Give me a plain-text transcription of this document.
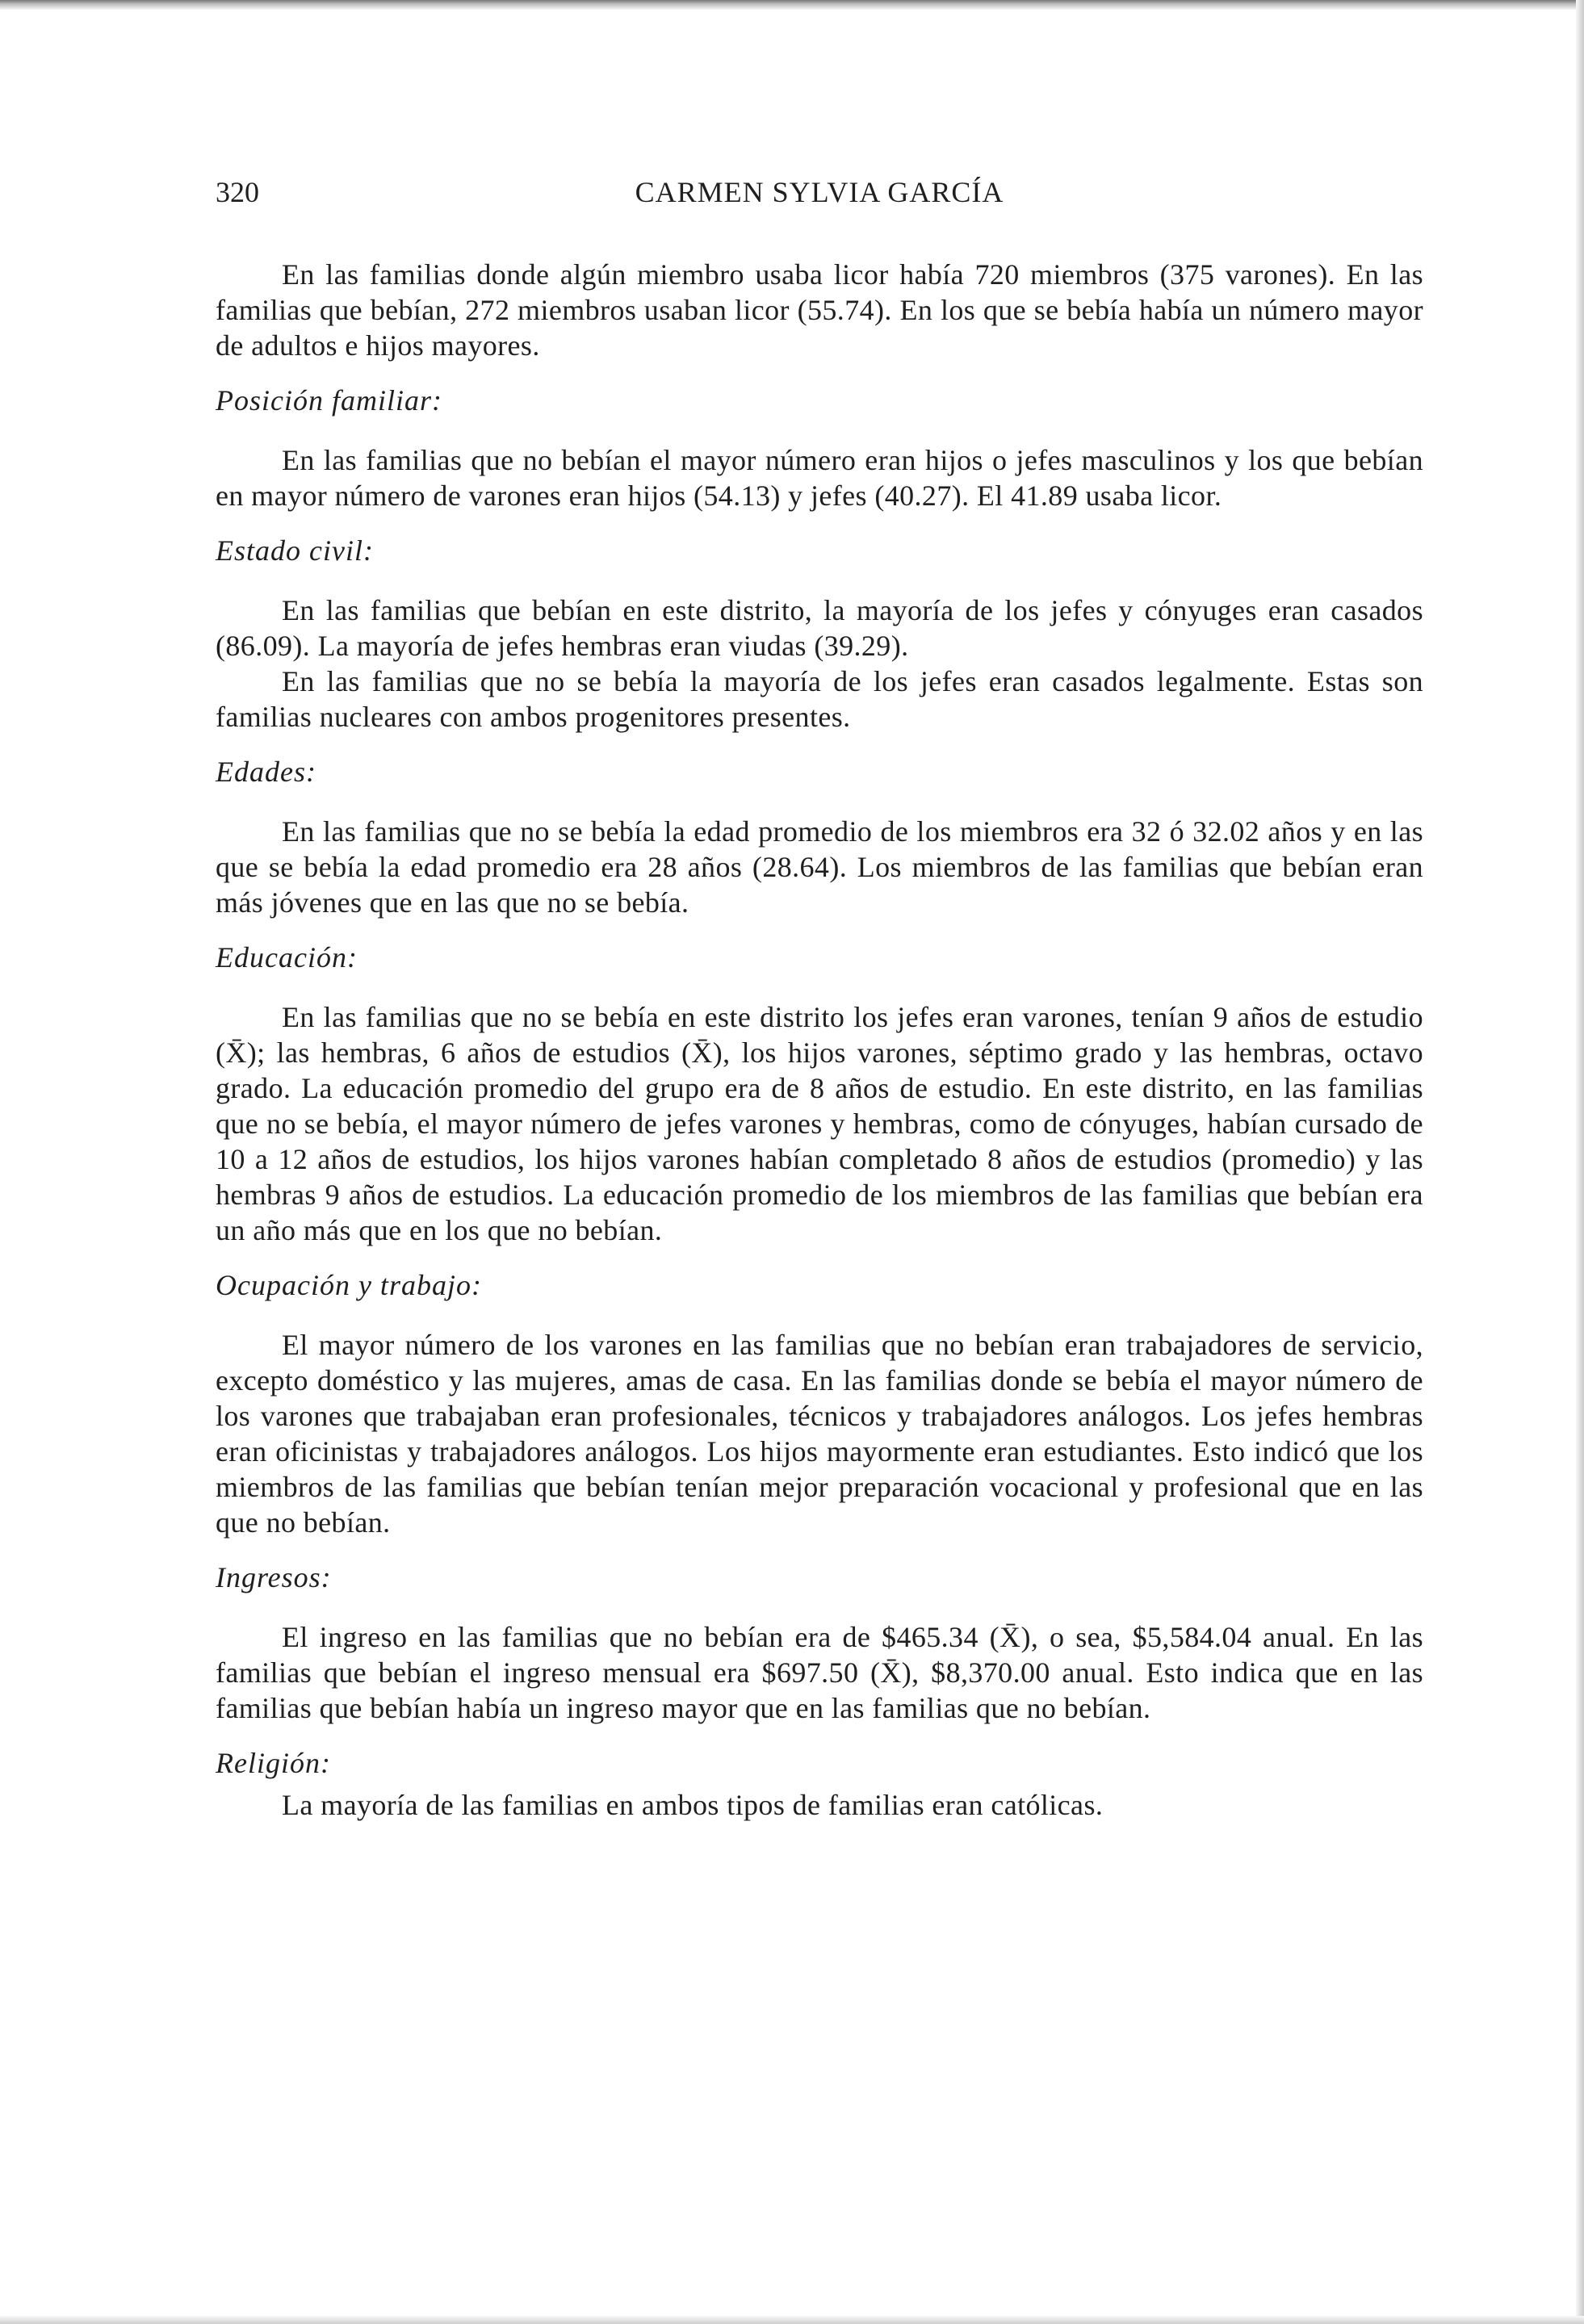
320	CARMEN SYLVIA GARCÍA

En las familias donde algún miembro usaba licor había 720 miembros (375 varones). En las familias que bebían, 272 miembros usaban licor (55.74). En los que se bebía había un número mayor de adultos e hijos mayores.

Posición familiar:

En las familias que no bebían el mayor número eran hijos o jefes masculinos y los que bebían en mayor número de varones eran hijos (54.13) y jefes (40.27). El 41.89 usaba licor.

Estado civil:

En las familias que bebían en este distrito, la mayoría de los jefes y cónyuges eran casados (86.09). La mayoría de jefes hembras eran viudas (39.29).

En las familias que no se bebía la mayoría de los jefes eran casados legalmente. Estas son familias nucleares con ambos progenitores presentes.

Edades:

En las familias que no se bebía la edad promedio de los miembros era 32 ó 32.02 años y en las que se bebía la edad promedio era 28 años (28.64). Los miembros de las familias que bebían eran más jóvenes que en las que no se bebía.

Educación:

En las familias que no se bebía en este distrito los jefes eran varones, tenían 9 años de estudio (X̄); las hembras, 6 años de estudios (X̄), los hijos varones, séptimo grado y las hembras, octavo grado. La educación promedio del grupo era de 8 años de estudio. En este distrito, en las familias que no se bebía, el mayor número de jefes varones y hembras, como de cónyuges, habían cursado de 10 a 12 años de estudios, los hijos varones habían completado 8 años de estudios (promedio) y las hembras 9 años de estudios. La educación promedio de los miembros de las familias que bebían era un año más que en los que no bebían.

Ocupación y trabajo:

El mayor número de los varones en las familias que no bebían eran trabajadores de servicio, excepto doméstico y las mujeres, amas de casa. En las familias donde se bebía el mayor número de los varones que trabajaban eran profesionales, técnicos y trabajadores análogos. Los jefes hembras eran oficinistas y trabajadores análogos. Los hijos mayormente eran estudiantes. Esto indicó que los miembros de las familias que bebían tenían mejor preparación vocacional y profesional que en las que no bebían.

Ingresos:

El ingreso en las familias que no bebían era de $465.34 (X̄), o sea, $5,584.04 anual. En las familias que bebían el ingreso mensual era $697.50 (X̄), $8,370.00 anual. Esto indica que en las familias que bebían había un ingreso mayor que en las familias que no bebían.

Religión:

La mayoría de las familias en ambos tipos de familias eran católicas.
